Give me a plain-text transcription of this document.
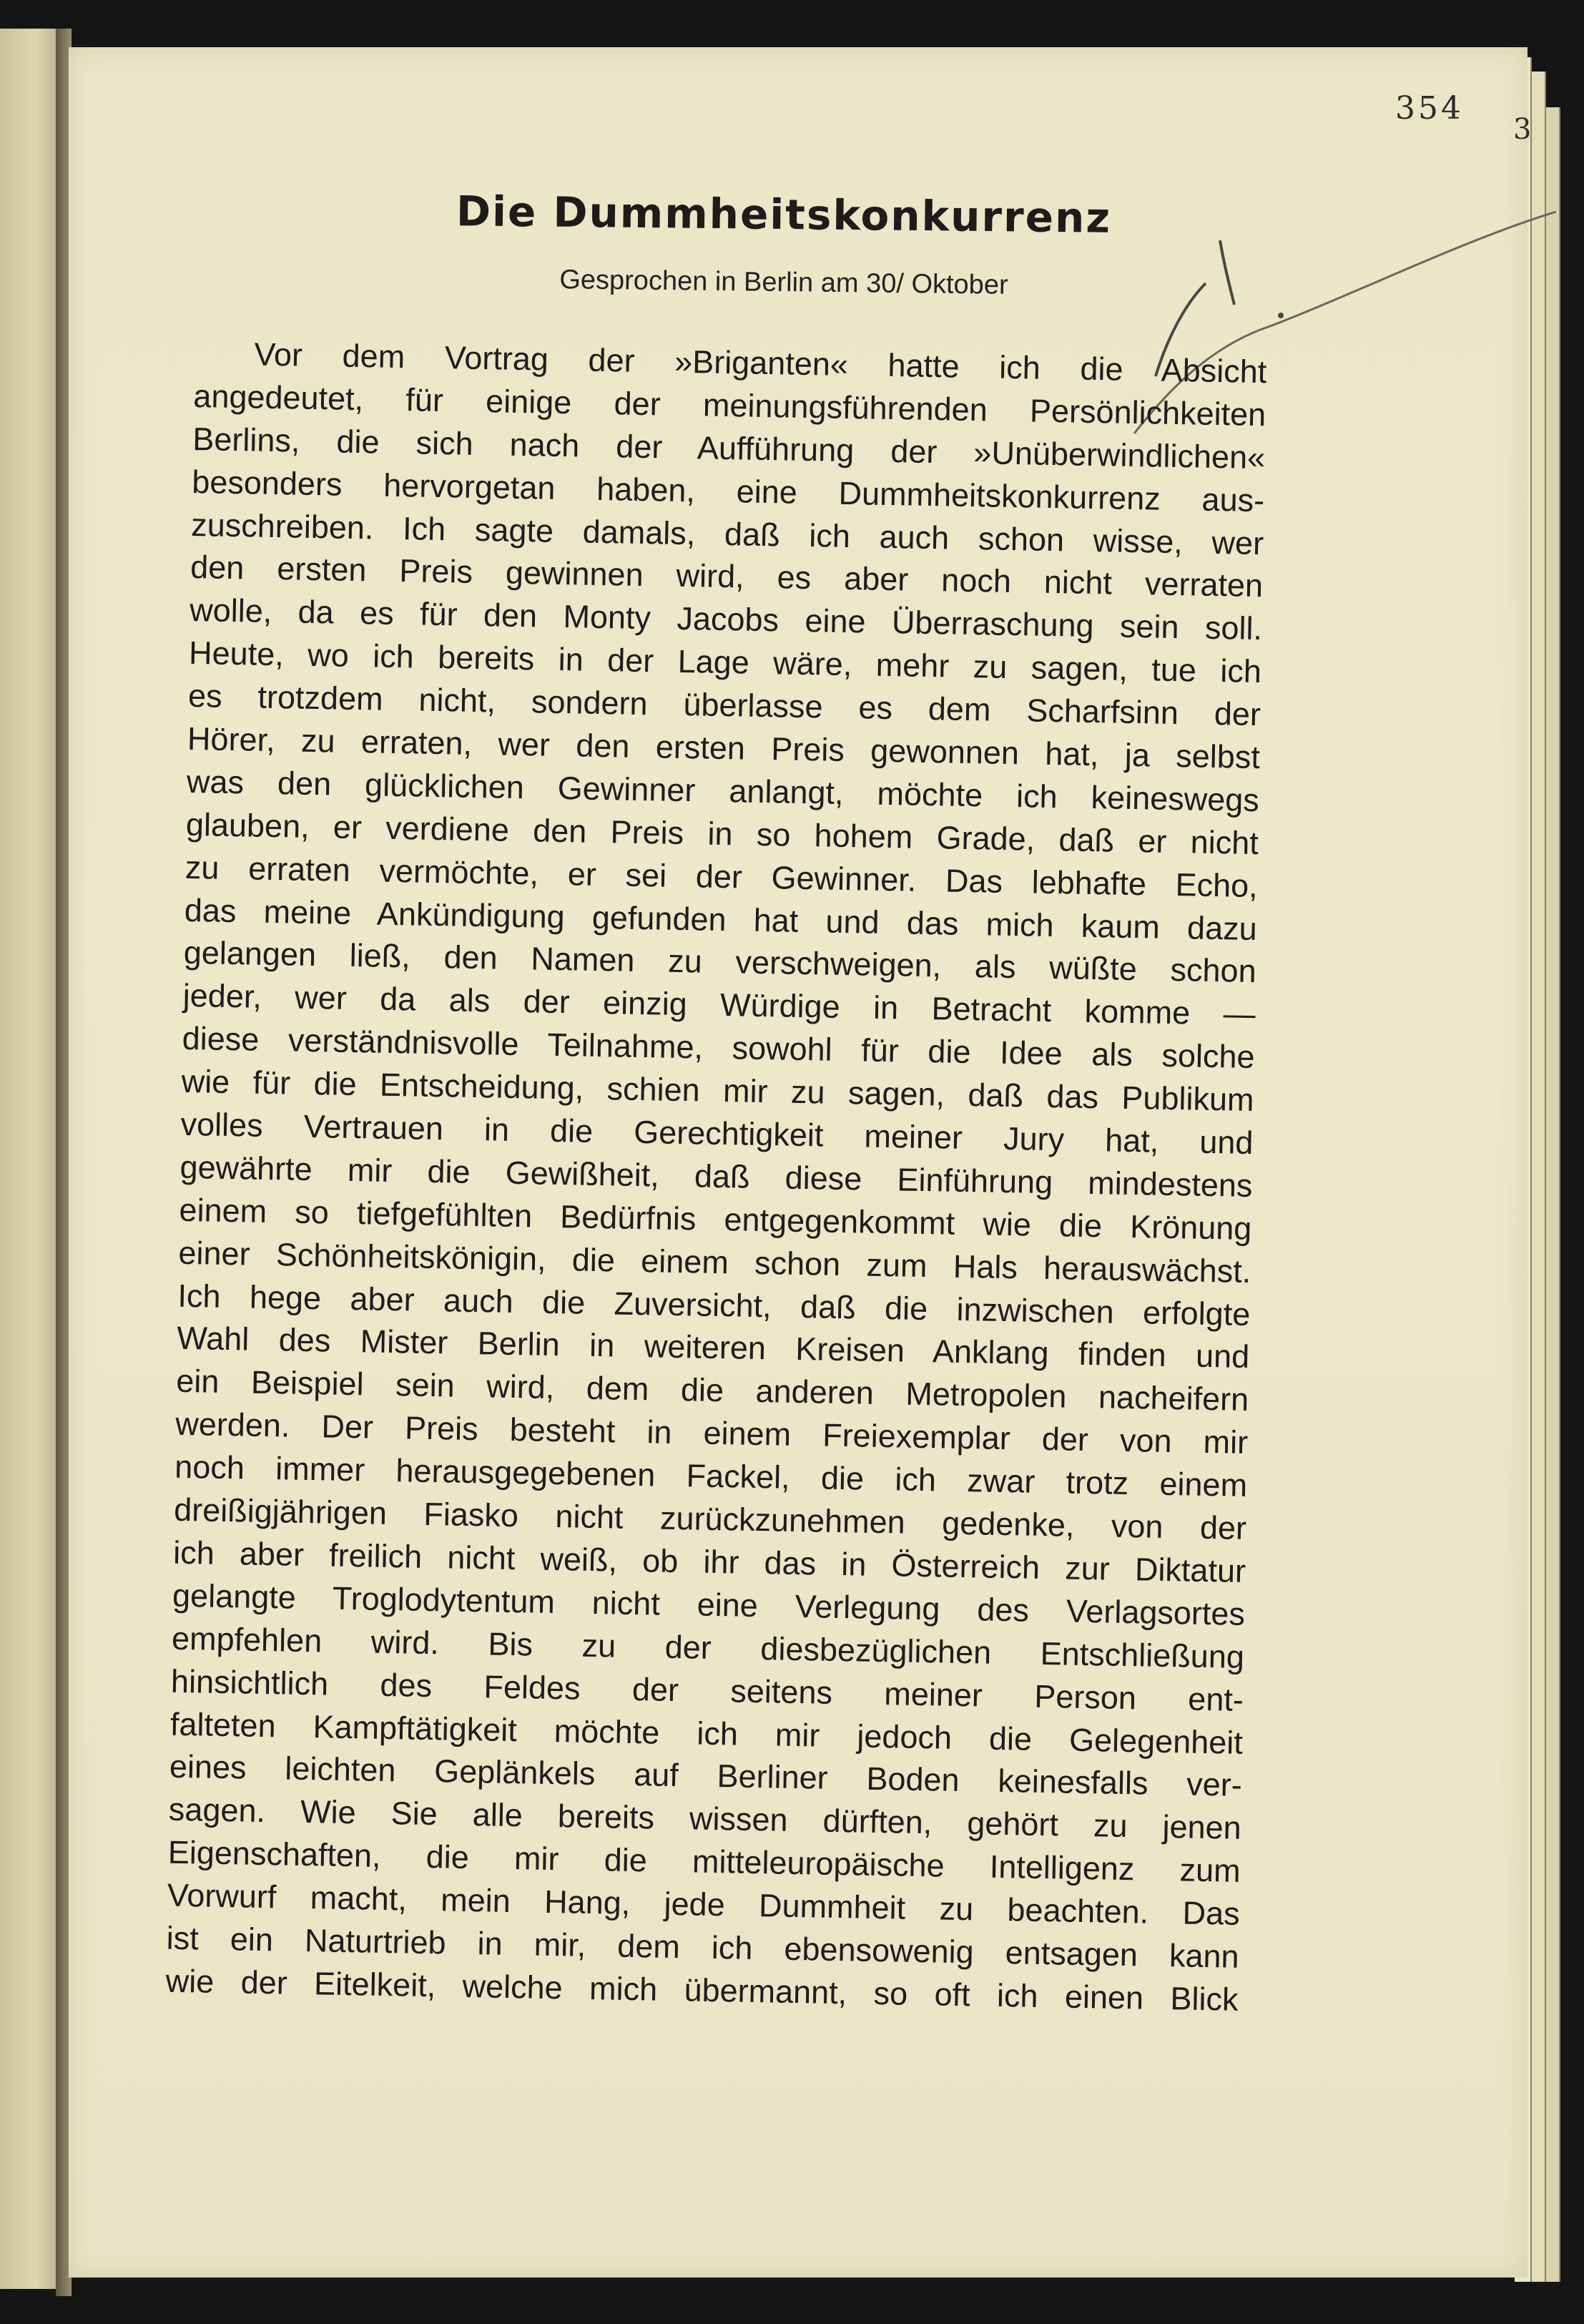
354
3
Die Dummheitskonkurrenz
Gesprochen in Berlin am 30/ Oktober
Vor dem Vortrag der »Briganten« hatte ich die Absicht
angedeutet, für einige der meinungsführenden Persönlichkeiten
Berlins, die sich nach der Aufführung der »Unüberwindlichen«
besonders hervorgetan haben, eine Dummheitskonkurrenz aus-
zuschreiben. Ich sagte damals, daß ich auch schon wisse, wer
den ersten Preis gewinnen wird, es aber noch nicht verraten
wolle, da es für den Monty Jacobs eine Überraschung sein soll.
Heute, wo ich bereits in der Lage wäre, mehr zu sagen, tue ich
es trotzdem nicht, sondern überlasse es dem Scharfsinn der
Hörer, zu erraten, wer den ersten Preis gewonnen hat, ja selbst
was den glücklichen Gewinner anlangt, möchte ich keineswegs
glauben, er verdiene den Preis in so hohem Grade, daß er nicht
zu erraten vermöchte, er sei der Gewinner. Das lebhafte Echo,
das meine Ankündigung gefunden hat und das mich kaum dazu
gelangen ließ, den Namen zu verschweigen, als wüßte schon
jeder, wer da als der einzig Würdige in Betracht komme —
diese verständnisvolle Teilnahme, sowohl für die Idee als solche
wie für die Entscheidung, schien mir zu sagen, daß das Publikum
volles Vertrauen in die Gerechtigkeit meiner Jury hat, und
gewährte mir die Gewißheit, daß diese Einführung mindestens
einem so tiefgefühlten Bedürfnis entgegenkommt wie die Krönung
einer Schönheitskönigin, die einem schon zum Hals herauswächst.
Ich hege aber auch die Zuversicht, daß die inzwischen erfolgte
Wahl des Mister Berlin in weiteren Kreisen Anklang finden und
ein Beispiel sein wird, dem die anderen Metropolen nacheifern
werden. Der Preis besteht in einem Freiexemplar der von mir
noch immer herausgegebenen Fackel, die ich zwar trotz einem
dreißigjährigen Fiasko nicht zurückzunehmen gedenke, von der
ich aber freilich nicht weiß, ob ihr das in Österreich zur Diktatur
gelangte Troglodytentum nicht eine Verlegung des Verlagsortes
empfehlen wird. Bis zu der diesbezüglichen Entschließung
hinsichtlich des Feldes der seitens meiner Person ent-
falteten Kampftätigkeit möchte ich mir jedoch die Gelegenheit
eines leichten Geplänkels auf Berliner Boden keinesfalls ver-
sagen. Wie Sie alle bereits wissen dürften, gehört zu jenen
Eigenschaften, die mir die mitteleuropäische Intelligenz zum
Vorwurf macht, mein Hang, jede Dummheit zu beachten. Das
ist ein Naturtrieb in mir, dem ich ebensowenig entsagen kann
wie der Eitelkeit, welche mich übermannt, so oft ich einen Blick
